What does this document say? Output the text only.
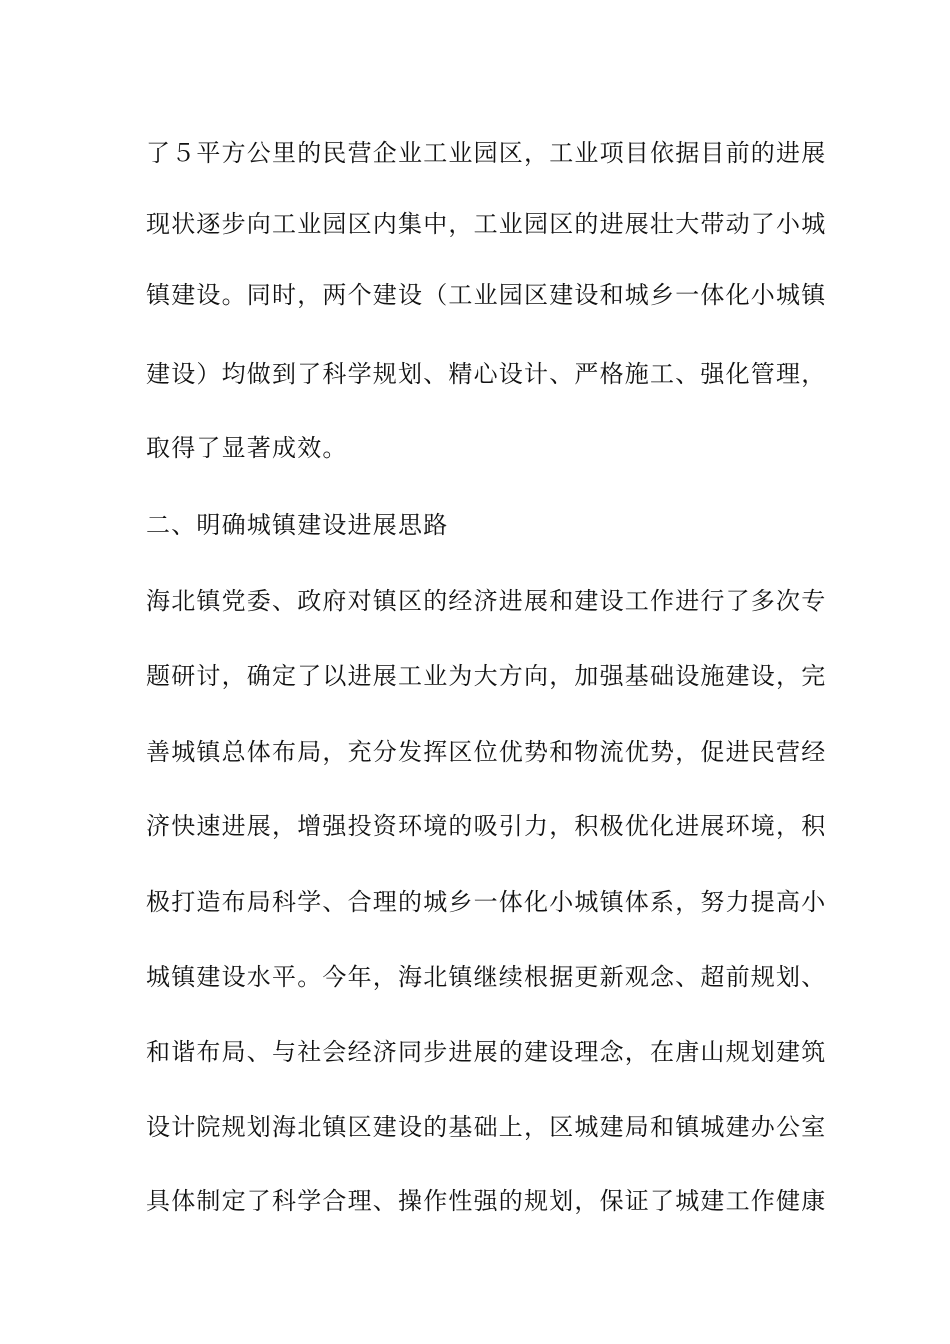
了５平方公里的民营企业工业园区，工业项目依据目前的进展
现状逐步向工业园区内集中，工业园区的进展壮大带动了小城
镇建设。同时，两个建设（工业园区建设和城乡一体化小城镇
建设）均做到了科学规划、精心设计、严格施工、强化管理，
取得了显著成效。
二、明确城镇建设进展思路
海北镇党委、政府对镇区的经济进展和建设工作进行了多次专
题研讨，确定了以进展工业为大方向，加强基础设施建设，完
善城镇总体布局，充分发挥区位优势和物流优势，促进民营经
济快速进展，增强投资环境的吸引力，积极优化进展环境，积
极打造布局科学、合理的城乡一体化小城镇体系，努力提高小
城镇建设水平。今年，海北镇继续根据更新观念、超前规划、
和谐布局、与社会经济同步进展的建设理念，在唐山规划建筑
设计院规划海北镇区建设的基础上，区城建局和镇城建办公室
具体制定了科学合理、操作性强的规划，保证了城建工作健康
